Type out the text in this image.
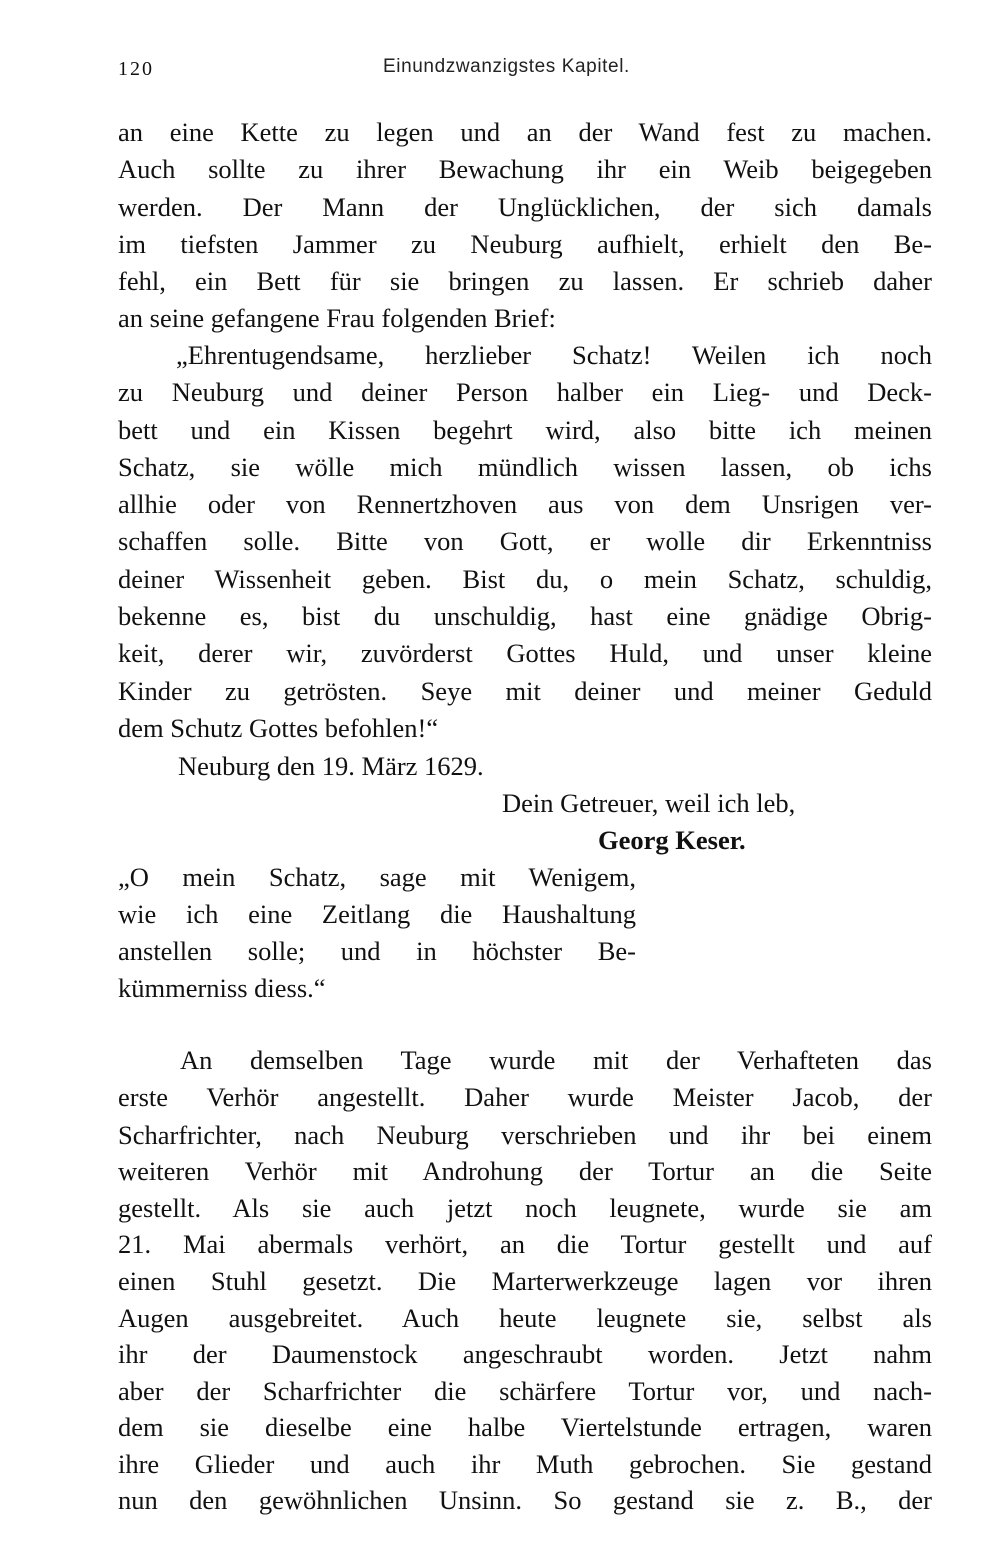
120	Einundzwanzigstes Kapitel.
an eine Kette zu legen und an der Wand fest zu machen.
Auch sollte zu ihrer Bewachung ihr ein Weib beigegeben
werden. Der Mann der Unglücklichen, der sich damals
im tiefsten Jammer zu Neuburg aufhielt, erhielt den Be-
fehl, ein Bett für sie bringen zu lassen. Er schrieb daher
an seine gefangene Frau folgenden Brief:
„Ehrentugendsame, herzlieber Schatz! Weilen ich noch
zu Neuburg und deiner Person halber ein Lieg- und Deck-
bett und ein Kissen begehrt wird, also bitte ich meinen
Schatz, sie wölle mich mündlich wissen lassen, ob ichs
allhie oder von Rennertzhoven aus von dem Unsrigen ver-
schaffen solle. Bitte von Gott, er wolle dir Erkenntniss
deiner Wissenheit geben. Bist du, o mein Schatz, schuldig,
bekenne es, bist du unschuldig, hast eine gnädige Obrig-
keit, derer wir, zuvörderst Gottes Huld, und unser kleine
Kinder zu getrösten. Seye mit deiner und meiner Geduld
dem Schutz Gottes befohlen!“
Neuburg den 19. März 1629.
Dein Getreuer, weil ich leb,
Georg Keser.
„O mein Schatz, sage mit Wenigem,
wie ich eine Zeitlang die Haushaltung
anstellen solle; und in höchster Be-
kümmerniss diess.“
An demselben Tage wurde mit der Verhafteten das
erste Verhör angestellt. Daher wurde Meister Jacob, der
Scharfrichter, nach Neuburg verschrieben und ihr bei einem
weiteren Verhör mit Androhung der Tortur an die Seite
gestellt. Als sie auch jetzt noch leugnete, wurde sie am
21. Mai abermals verhört, an die Tortur gestellt und auf
einen Stuhl gesetzt. Die Marterwerkzeuge lagen vor ihren
Augen ausgebreitet. Auch heute leugnete sie, selbst als
ihr der Daumenstock angeschraubt worden. Jetzt nahm
aber der Scharfrichter die schärfere Tortur vor, und nach-
dem sie dieselbe eine halbe Viertelstunde ertragen, waren
ihre Glieder und auch ihr Muth gebrochen. Sie gestand
nun den gewöhnlichen Unsinn. So gestand sie z. B., der
